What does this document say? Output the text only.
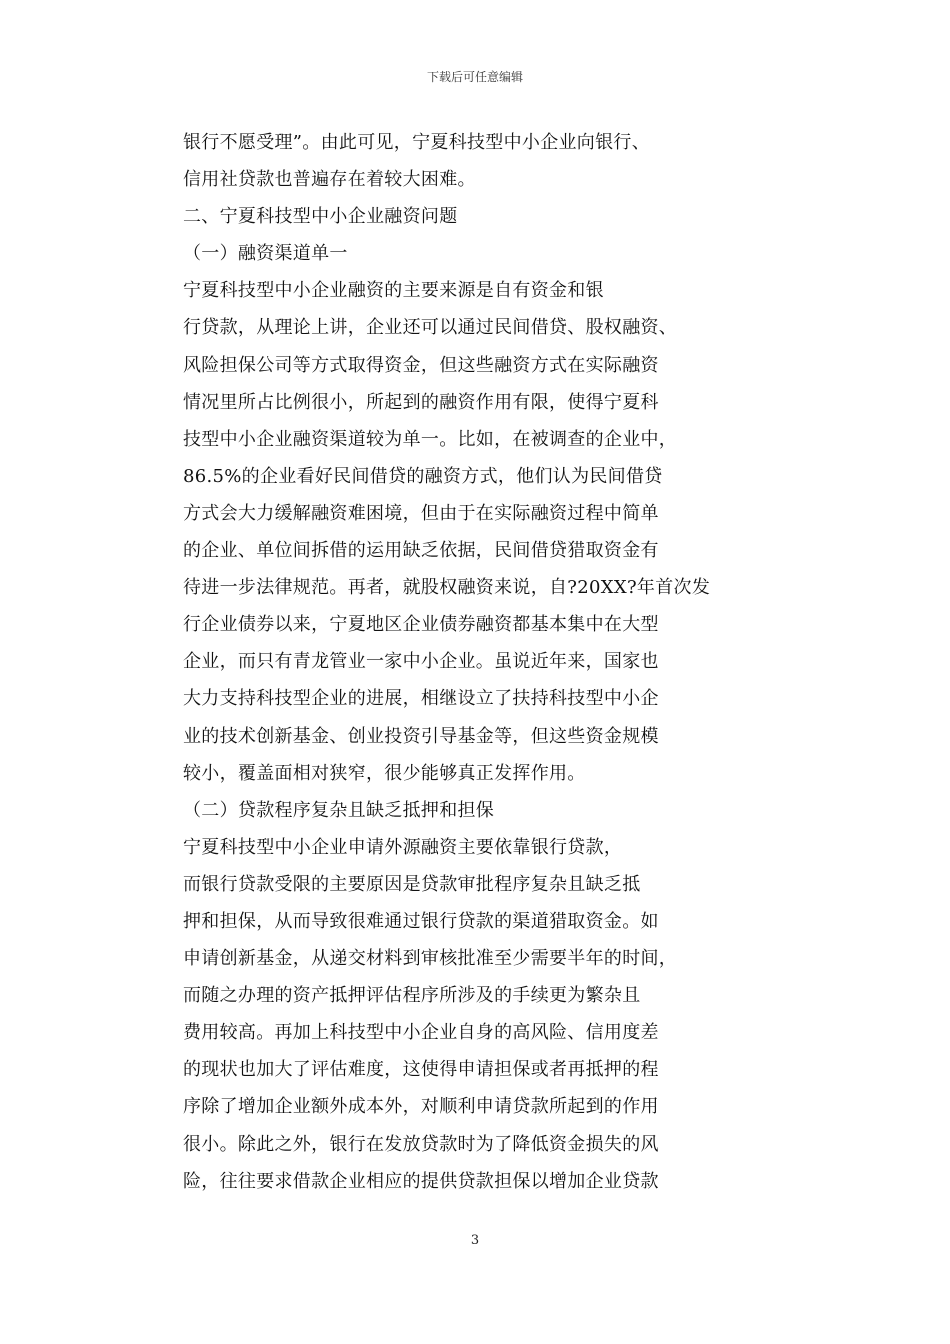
下载后可任意编辑
银行不愿受理”。由此可见，宁夏科技型中小企业向银行、
信用社贷款也普遍存在着较大困难。
二、宁夏科技型中小企业融资问题
（一）融资渠道单一
宁夏科技型中小企业融资的主要来源是自有资金和银
行贷款，从理论上讲，企业还可以通过民间借贷、股权融资、
风险担保公司等方式取得资金，但这些融资方式在实际融资
情况里所占比例很小，所起到的融资作用有限，使得宁夏科
技型中小企业融资渠道较为单一。比如，在被调查的企业中，
86.5%的企业看好民间借贷的融资方式，他们认为民间借贷
方式会大力缓解融资难困境，但由于在实际融资过程中简单
的企业、单位间拆借的运用缺乏依据，民间借贷猎取资金有
待进一步法律规范。再者，就股权融资来说，自?20XX?年首次发
行企业债券以来，宁夏地区企业债券融资都基本集中在大型
企业，而只有青龙管业一家中小企业。虽说近年来，国家也
大力支持科技型企业的进展，相继设立了扶持科技型中小企
业的技术创新基金、创业投资引导基金等，但这些资金规模
较小，覆盖面相对狭窄，很少能够真正发挥作用。
（二）贷款程序复杂且缺乏抵押和担保
宁夏科技型中小企业申请外源融资主要依靠银行贷款，
而银行贷款受限的主要原因是贷款审批程序复杂且缺乏抵
押和担保，从而导致很难通过银行贷款的渠道猎取资金。如
申请创新基金，从递交材料到审核批准至少需要半年的时间，
而随之办理的资产抵押评估程序所涉及的手续更为繁杂且
费用较高。再加上科技型中小企业自身的高风险、信用度差
的现状也加大了评估难度，这使得申请担保或者再抵押的程
序除了增加企业额外成本外，对顺利申请贷款所起到的作用
很小。除此之外，银行在发放贷款时为了降低资金损失的风
险，往往要求借款企业相应的提供贷款担保以增加企业贷款
3
